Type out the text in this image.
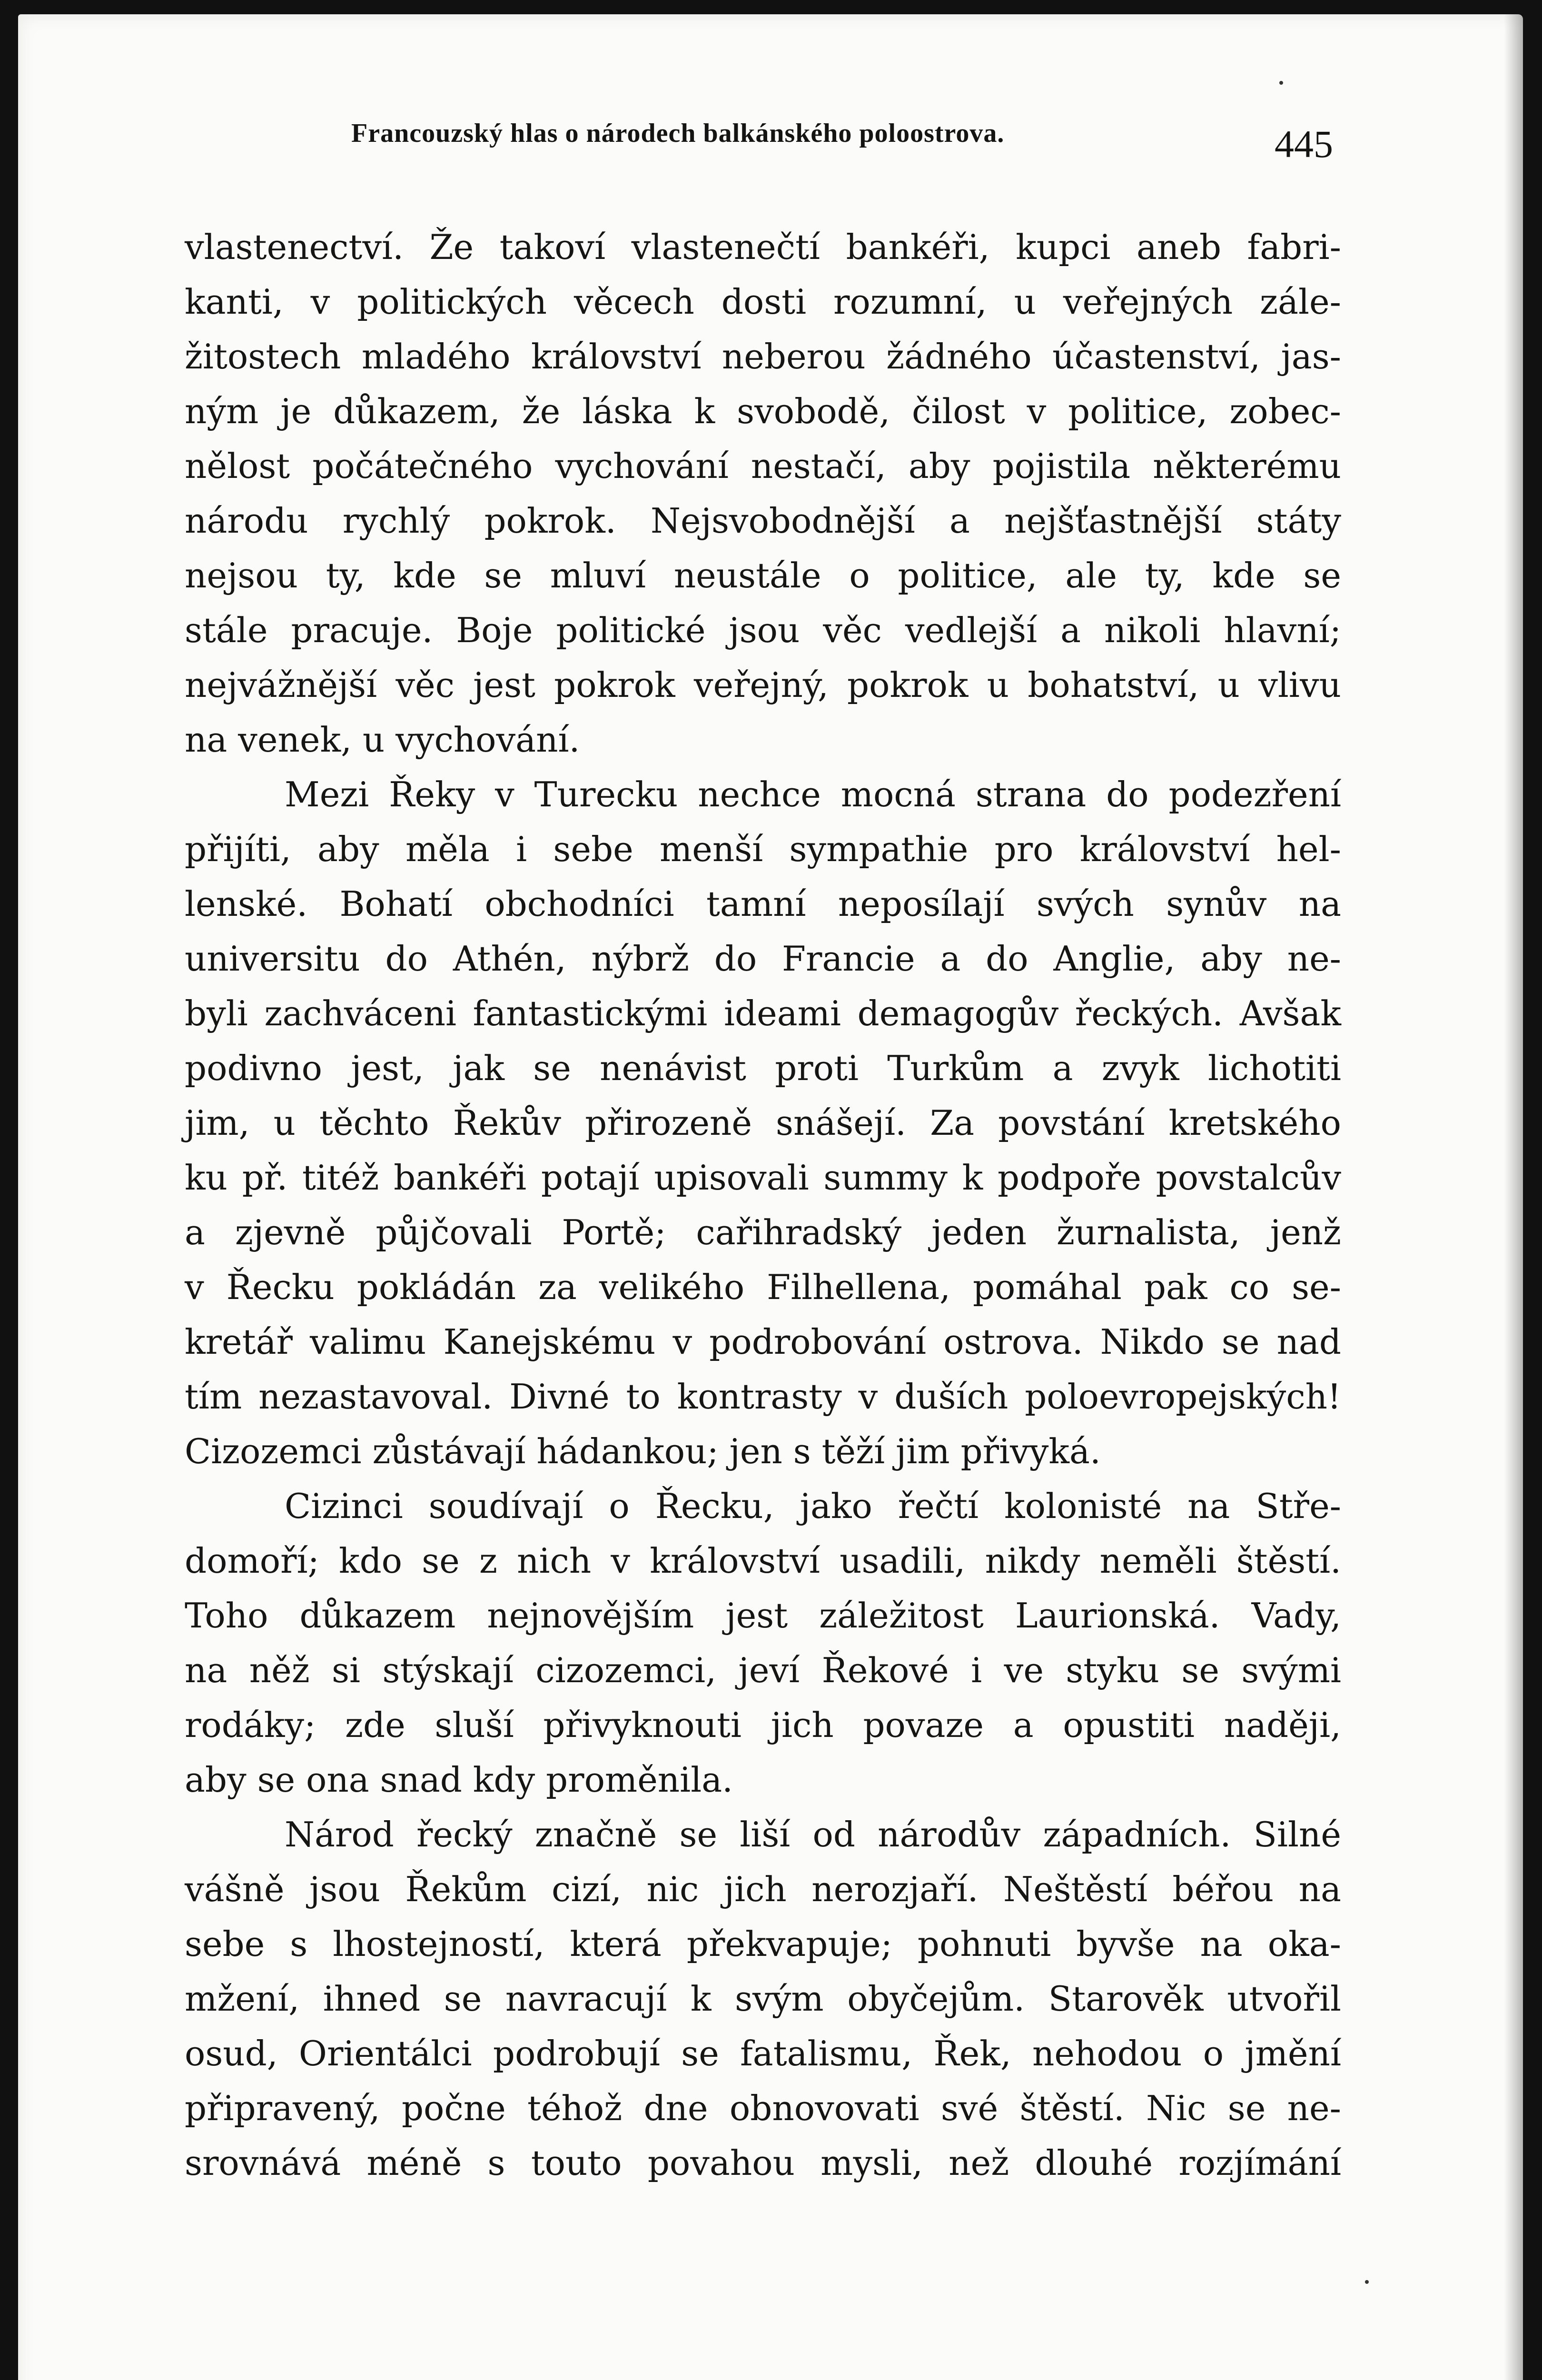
Francouzský hlas o národech balkánského poloostrova.	445
vlastenectví. Že takoví vlastenečtí bankéři, kupci aneb fabri-
kanti, v politických věcech dosti rozumní, u veřejných zále-
žitostech mladého království neberou žádného účastenství, jas-
ným je důkazem, že láska k svobodě, čilost v politice, zobec-
nělost počátečného vychování nestačí, aby pojistila některému
národu rychlý pokrok. Nejsvobodnější a nejšťastnější státy
nejsou ty, kde se mluví neustále o politice, ale ty, kde se
stále pracuje. Boje politické jsou věc vedlejší a nikoli hlavní;
nejvážnější věc jest pokrok veřejný, pokrok u bohatství, u vlivu
na venek, u vychování.
Mezi Řeky v Turecku nechce mocná strana do podezření
přijíti, aby měla i sebe menší sympathie pro království hel-
lenské. Bohatí obchodníci tamní neposílají svých synův na
universitu do Athén, nýbrž do Francie a do Anglie, aby ne-
byli zachváceni fantastickými ideami demagogův řeckých. Avšak
podivno jest, jak se nenávist proti Turkům a zvyk lichotiti
jim, u těchto Řekův přirozeně snášejí. Za povstání kretského
ku př. titéž bankéři potají upisovali summy k podpoře povstalcův
a zjevně půjčovali Portě; cařihradský jeden žurnalista, jenž
v Řecku pokládán za velikého Filhellena, pomáhal pak co se-
kretář valimu Kanejskému v podrobování ostrova. Nikdo se nad
tím nezastavoval. Divné to kontrasty v duších poloevropejských!
Cizozemci zůstávají hádankou; jen s těží jim přivyká.
Cizinci soudívají o Řecku, jako řečtí kolonisté na Stře-
domoří; kdo se z nich v království usadili, nikdy neměli štěstí.
Toho důkazem nejnovějším jest záležitost Laurionská. Vady,
na něž si stýskají cizozemci, jeví Řekové i ve styku se svými
rodáky; zde sluší přivyknouti jich povaze a opustiti naději,
aby se ona snad kdy proměnila.
Národ řecký značně se liší od národův západních. Silné
vášně jsou Řekům cizí, nic jich nerozjaří. Neštěstí béřou na
sebe s lhostejností, která překvapuje; pohnuti byvše na oka-
mžení, ihned se navracují k svým obyčejům. Starověk utvořil
osud, Orientálci podrobují se fatalismu, Řek, nehodou o jmění
připravený, počne téhož dne obnovovati své štěstí. Nic se ne-
srovnává méně s touto povahou mysli, než dlouhé rozjímání
